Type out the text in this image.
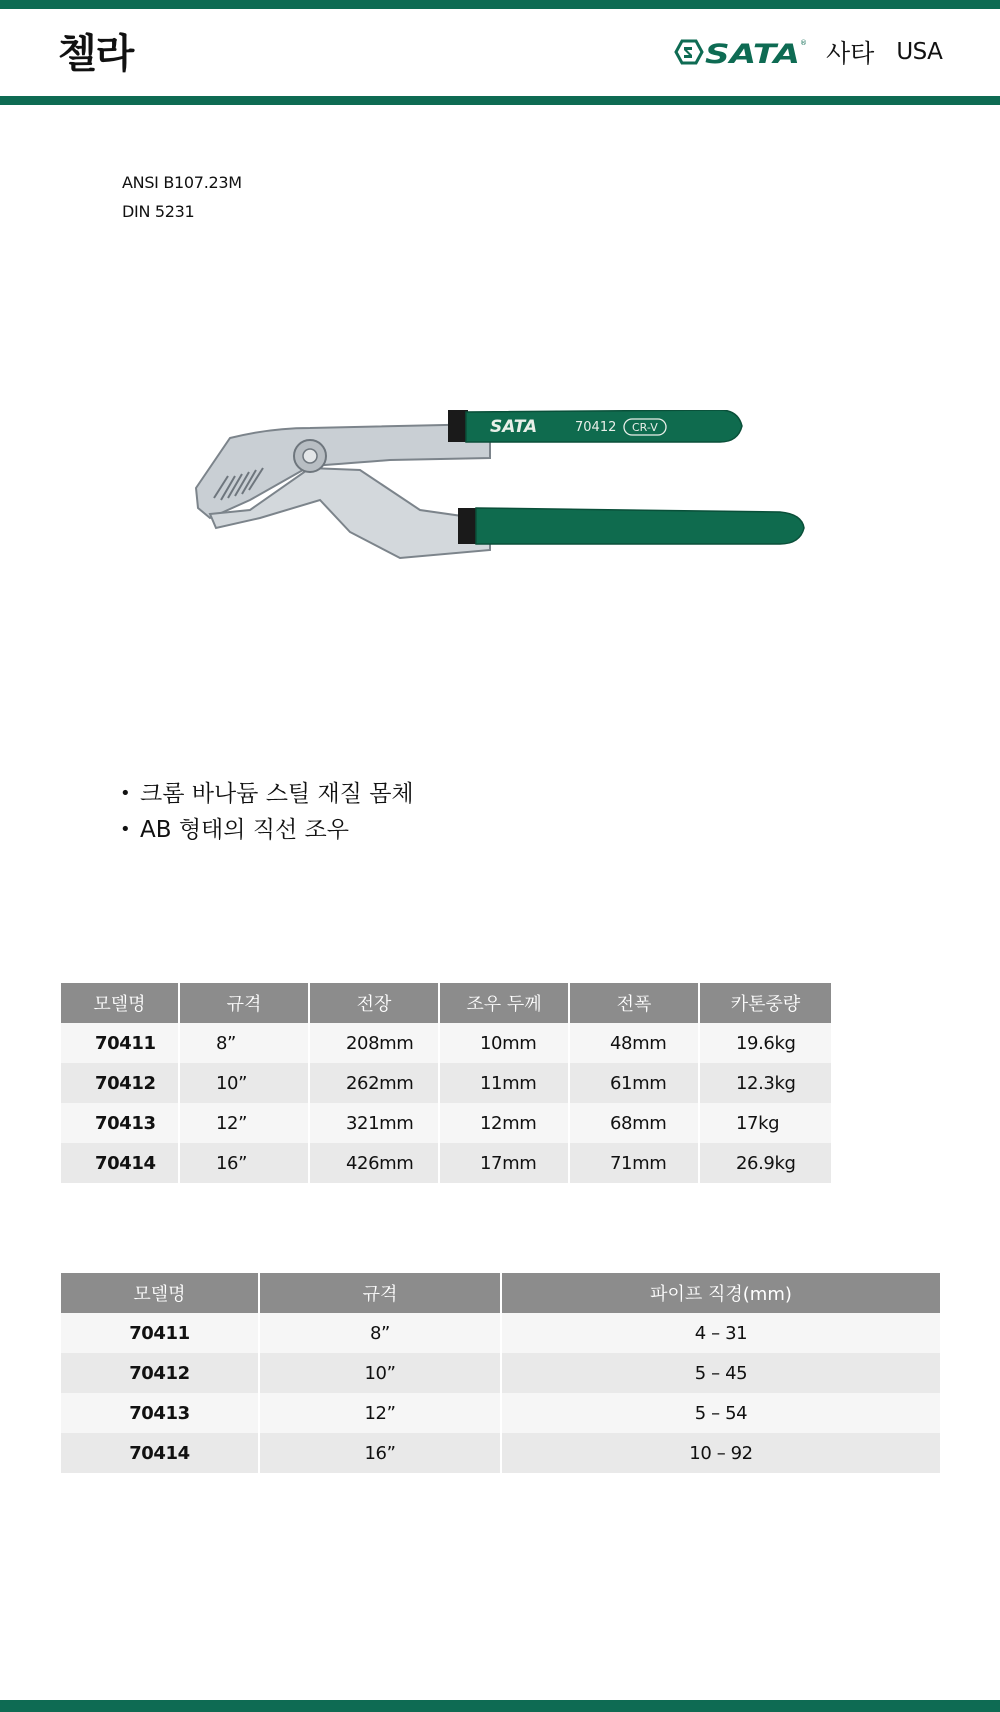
첼라	SATA ® 사타 USA
ANSI B107.23M
DIN 5231
SATA	70412 CR-V
• 크롬 바나듐 스틸 재질 몸체
• AB 형태의 직선 조우
모델명	규격	전장	조우 두께	전폭	카톤중량
70411	8”	208mm	10mm	48mm	19.6kg
70412	10”	262mm	11mm	61mm	12.3kg
70413	12”	321mm	12mm	68mm	17kg
70414	16”	426mm	17mm	71mm	26.9kg
모델명	규격	파이프 직경(mm)
70411	8”	4 – 31
70412	10”	5 – 45
70413	12”	5 – 54
70414	16”	10 – 92
